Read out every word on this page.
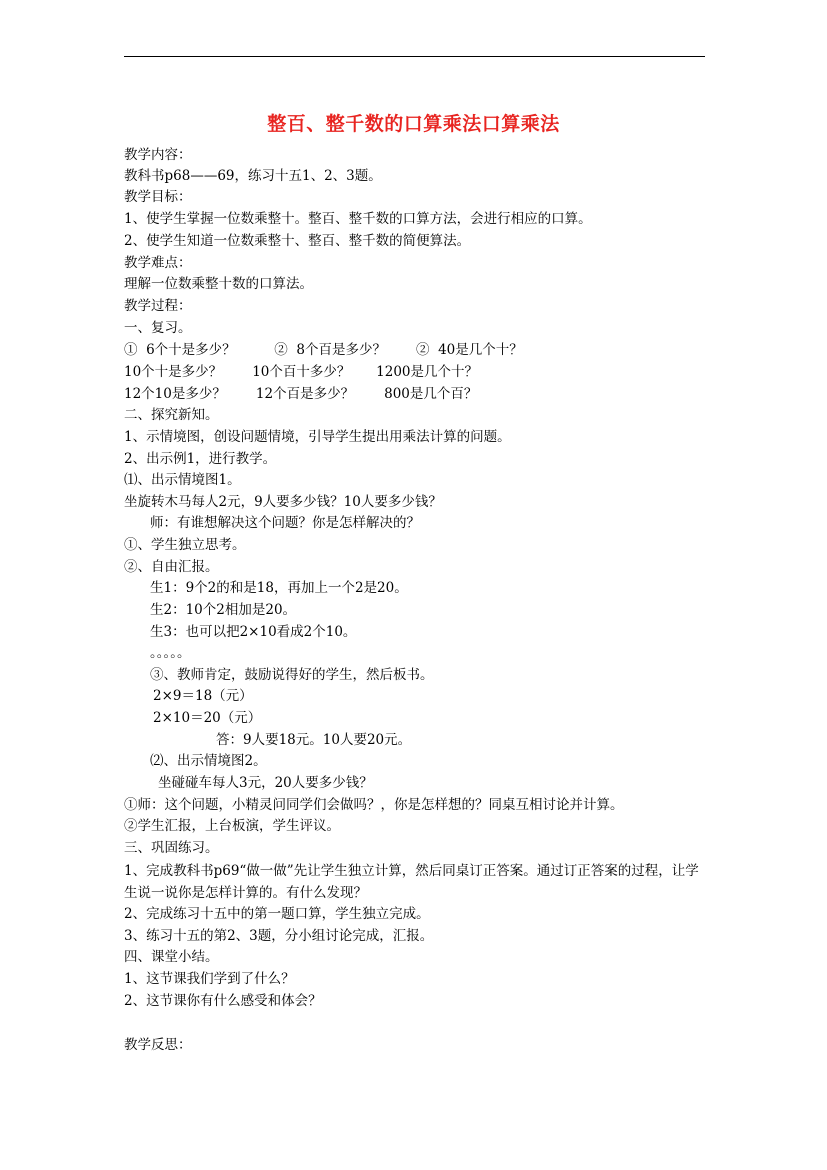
整百、整千数的口算乘法口算乘法
教学内容：
教科书p68——69，练习十五1、2、3题。
教学目标：
1、使学生掌握一位数乘整十。整百、整千数的口算方法，会进行相应的口算。
2、使学生知道一位数乘整十、整百、整千数的简便算法。
教学难点：
理解一位数乘整十数的口算法。
教学过程：
一、复习。
①  6个十是多少？         ②  8个百是多少？       ②  40是几个十？
10个十是多少？       10个百十多少？      1200是几个十？
12个10是多少？       12个百是多少？       800是几个百？
二、探究新知。
1、示情境图，创设问题情境，引导学生提出用乘法计算的问题。
2、出示例1，进行教学。
⑴、出示情境图1。
坐旋转木马每人2元，9人要多少钱？10人要多少钱？
师：有谁想解决这个问题？你是怎样解决的？
①、学生独立思考。
②、自由汇报。
生1：9个2的和是18，再加上一个2是20。
生2：10个2相加是20。
生3：也可以把2×10看成2个10。
。。。。。
③、教师肯定，鼓励说得好的学生，然后板书。
2×9＝18（元）
2×10＝20（元）
答：9人要18元。10人要20元。
⑵、出示情境图2。
坐碰碰车每人3元，20人要多少钱？
①师：这个问题，小精灵问同学们会做吗？，你是怎样想的？同桌互相讨论并计算。
②学生汇报，上台板演，学生评议。
三、巩固练习。
1、完成教科书p69“做一做”先让学生独立计算，然后同桌订正答案。通过订正答案的过程，让学生说一说你是怎样计算的。有什么发现？
2、完成练习十五中的第一题口算，学生独立完成。
3、练习十五的第2、3题，分小组讨论完成，汇报。
四、课堂小结。
1、这节课我们学到了什么？
2、这节课你有什么感受和体会？
教学反思：
